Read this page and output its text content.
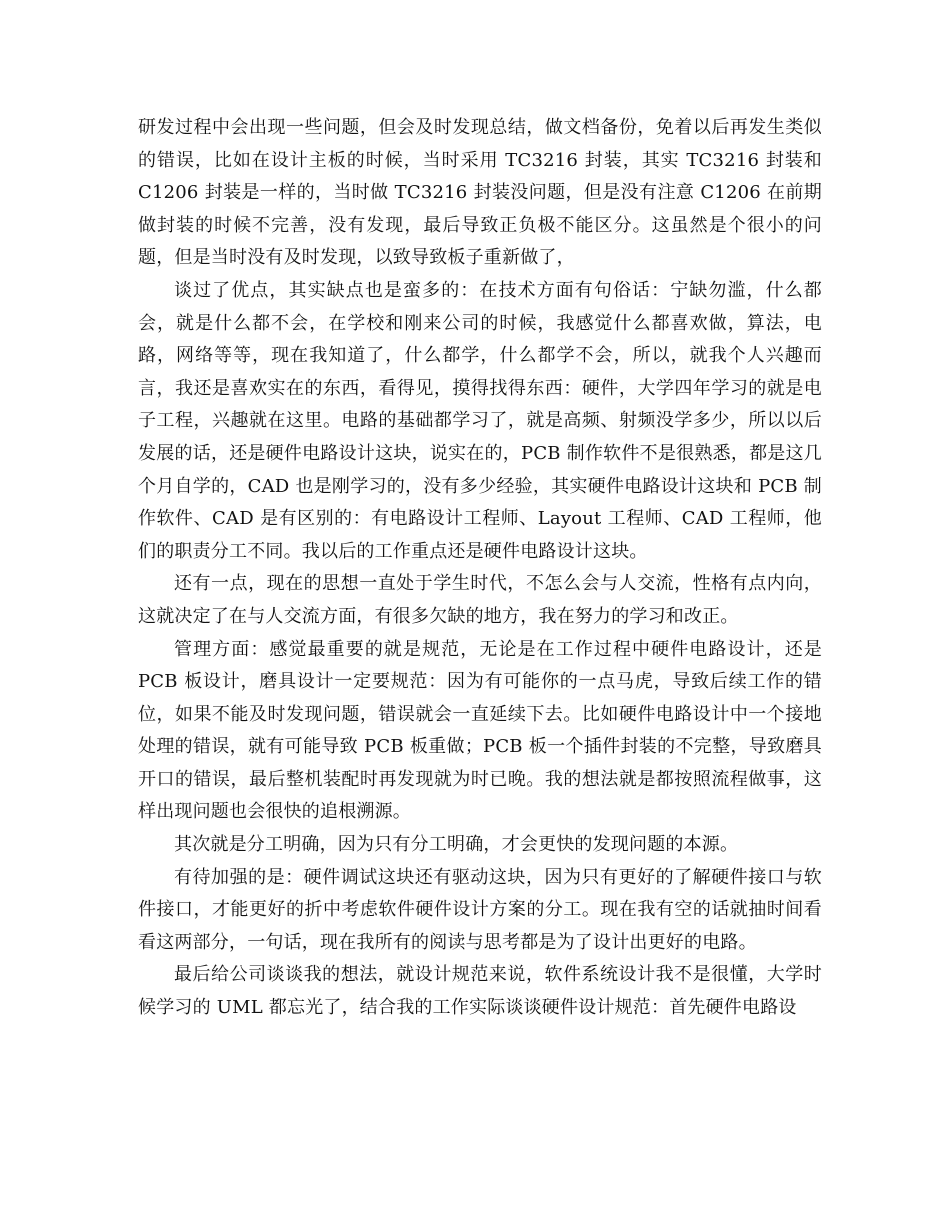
研发过程中会出现一些问题，但会及时发现总结，做文档备份，免着以后再发生类似的错误，比如在设计主板的时候，当时采用 TC3216 封装，其实 TC3216 封装和 C1206 封装是一样的，当时做 TC3216 封装没问题，但是没有注意 C1206 在前期做封装的时候不完善，没有发现，最后导致正负极不能区分。这虽然是个很小的问题，但是当时没有及时发现，以致导致板子重新做了，

谈过了优点，其实缺点也是蛮多的：在技术方面有句俗话：宁缺勿滥，什么都会，就是什么都不会，在学校和刚来公司的时候，我感觉什么都喜欢做，算法，电路，网络等等，现在我知道了，什么都学，什么都学不会，所以，就我个人兴趣而言，我还是喜欢实在的东西，看得见，摸得找得东西：硬件，大学四年学习的就是电子工程，兴趣就在这里。电路的基础都学习了，就是高频、射频没学多少，所以以后发展的话，还是硬件电路设计这块，说实在的，PCB 制作软件不是很熟悉，都是这几个月自学的，CAD 也是刚学习的，没有多少经验，其实硬件电路设计这块和 PCB 制作软件、CAD 是有区别的：有电路设计工程师、Layout 工程师、CAD 工程师，他们的职责分工不同。我以后的工作重点还是硬件电路设计这块。

还有一点，现在的思想一直处于学生时代，不怎么会与人交流，性格有点内向，这就决定了在与人交流方面，有很多欠缺的地方，我在努力的学习和改正。

管理方面：感觉最重要的就是规范，无论是在工作过程中硬件电路设计，还是 PCB 板设计，磨具设计一定要规范：因为有可能你的一点马虎，导致后续工作的错位，如果不能及时发现问题，错误就会一直延续下去。比如硬件电路设计中一个接地处理的错误，就有可能导致 PCB 板重做；PCB 板一个插件封装的不完整，导致磨具开口的错误，最后整机装配时再发现就为时已晚。我的想法就是都按照流程做事，这样出现问题也会很快的追根溯源。

其次就是分工明确，因为只有分工明确，才会更快的发现问题的本源。

有待加强的是：硬件调试这块还有驱动这块，因为只有更好的了解硬件接口与软件接口，才能更好的折中考虑软件硬件设计方案的分工。现在我有空的话就抽时间看看这两部分，一句话，现在我所有的阅读与思考都是为了设计出更好的电路。

最后给公司谈谈我的想法，就设计规范来说，软件系统设计我不是很懂，大学时候学习的 UML 都忘光了，结合我的工作实际谈谈硬件设计规范：首先硬件电路设
